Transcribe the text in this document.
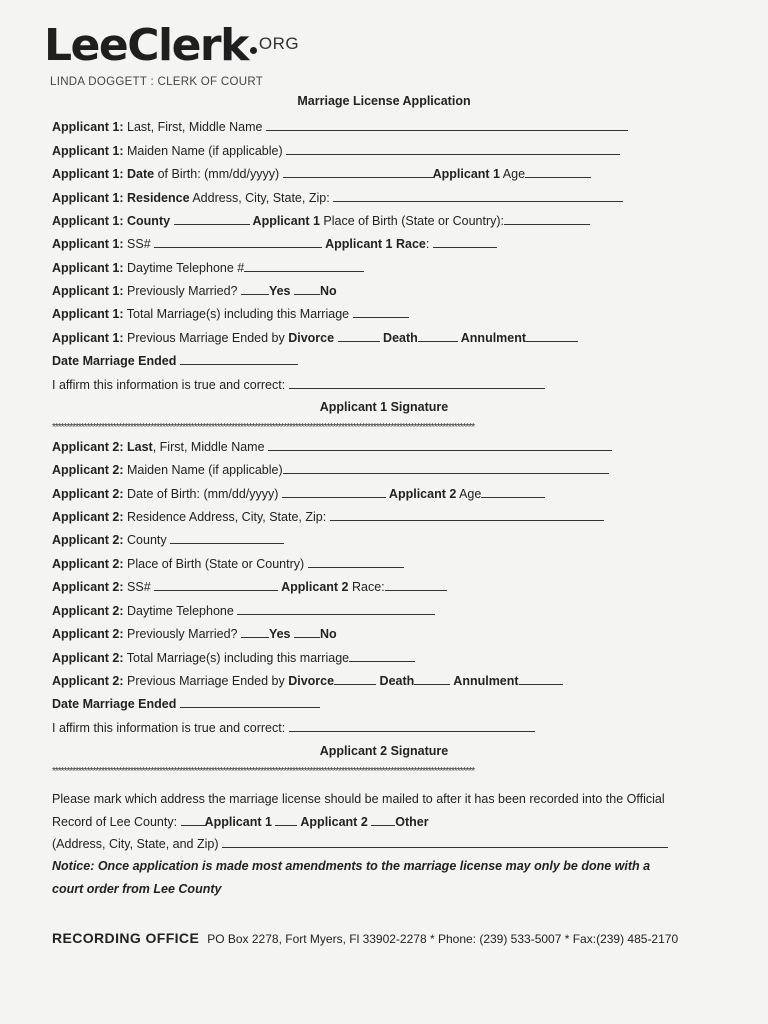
LeeClerk ORG
LINDA DOGGETT : CLERK OF COURT
Marriage License Application
Applicant 1: Last, First, Middle Name
Applicant 1: Maiden Name (if applicable)
Applicant 1: Date of Birth: (mm/dd/yyyy)	Applicant 1 Age
Applicant 1: Residence Address, City, State, Zip:
Applicant 1: County	Applicant 1 Place of Birth (State or Country):
Applicant 1: SS#	Applicant 1 Race:
Applicant 1: Daytime Telephone #
Applicant 1: Previously Married? Yes No
Applicant 1: Total Marriage(s) including this Marriage
Applicant 1: Previous Marriage Ended by Divorce	Death	Annulment
Date Marriage Ended
I affirm this information is true and correct:
Applicant 1 Signature
**************************************************************************************************************************************************
Applicant 2: Last, First, Middle Name
Applicant 2: Maiden Name (if applicable)
Applicant 2: Date of Birth: (mm/dd/yyyy)	Applicant 2 Age
Applicant 2: Residence Address, City, State, Zip:
Applicant 2: County
Applicant 2: Place of Birth (State or Country)
Applicant 2: SS#	Applicant 2 Race:
Applicant 2: Daytime Telephone
Applicant 2: Previously Married? Yes No
Applicant 2: Total Marriage(s) including this marriage
Applicant 2: Previous Marriage Ended by Divorce	Death	Annulment
Date Marriage Ended
I affirm this information is true and correct:
Applicant 2 Signature
**************************************************************************************************************************************************
Please mark which address the marriage license should be mailed to after it has been recorded into the Official
Record of Lee County: Applicant 1  Applicant 2 Other
(Address, City, State, and Zip)
Notice: Once application is made most amendments to the marriage license may only be done with a
court order from Lee County
RECORDING OFFICE PO Box 2278, Fort Myers, Fl 33902-2278 * Phone: (239) 533-5007 * Fax:(239) 485-2170
